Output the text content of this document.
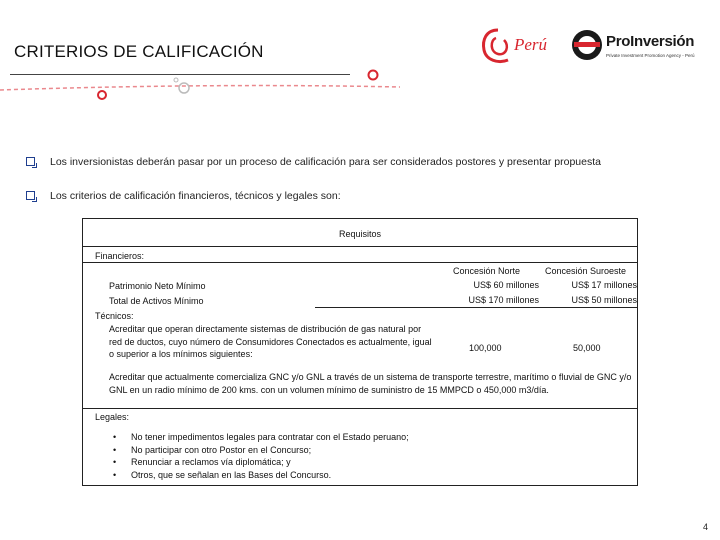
CRITERIOS DE CALIFICACIÓN	Perú	ProInversión
Private Investment Promotion Agency - Perú
Los inversionistas deberán pasar por un proceso de calificación para ser considerados postores y presentar propuesta
Los criterios de calificación financieros, técnicos y legales son:
Requisitos
Financieros:
Concesión Norte	Concesión Suroeste
Patrimonio Neto Mínimo	US$ 60 millones	US$ 17 millones
Total de Activos Mínimo	US$ 170 millones	US$ 50 millones
Técnicos:
Acreditar que operan directamente sistemas de distribución de gas natural por red de ductos, cuyo número de Consumidores Conectados es actualmente, igual o superior a los mínimos siguientes:
100,000	50,000
Acreditar que actualmente comercializa GNC y/o GNL a través de un sistema de transporte terrestre, marítimo o fluvial de GNC y/o GNL en un radio mínimo de 200 kms. con un volumen mínimo de suministro de 15 MMPCD o 450,000 m3/día.
Legales:
• No tener impedimentos legales para contratar con el Estado peruano;
• No participar con otro Postor en el Concurso;
• Renunciar a reclamos vía diplomática; y
• Otros, que se señalan en las Bases del Concurso.
4
